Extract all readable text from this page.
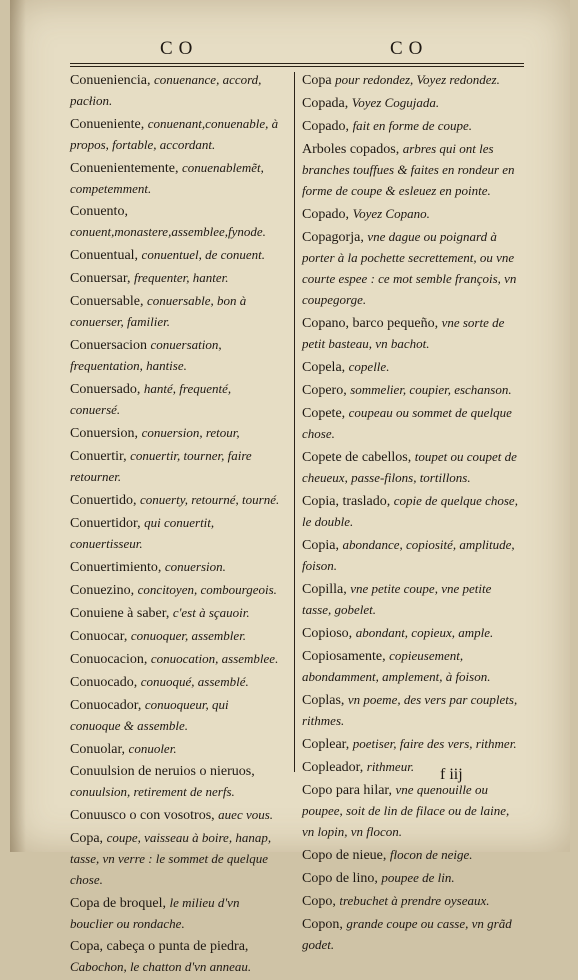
CO	CO
Conueniencia, conuenance, accord, pacłion.
Conueniente, conuenant,conuenable, à propos, fortable, accordant.
Conuenientemente, conuenablemẽt, competemment.
Conuento, conuent,monastere,assemblee,fynode.
Conuentual, conuentuel, de conuent.
Conuersar, frequenter, hanter.
Conuersable, conuersable, bon à conuerser, familier.
Conuersacion conuersation, frequentation, hantise.
Conuersado, hanté, frequenté, conuersé.
Conuersion, conuersion, retour,
Conuertir, conuertir, tourner, faire retourner.
Conuertido, conuerty, retourné, tourné.
Conuertidor, qui conuertit, conuertisseur.
Conuertimiento, conuersion.
Conuezino, concitoyen, combourgeois.
Conuiene à saber, c'est à sçauoir.
Conuocar, conuoquer, assembler.
Conuocacion, conuocation, assemblee.
Conuocado, conuoqué, assemblé.
Conuocador, conuoqueur, qui conuoque & assemble.
Conuolar, conuoler.
Conuulsion de neruios o nieruos, conuulsion, retirement de nerfs.
Conuusco o con vosotros, auec vous.
Copa, coupe, vaisseau à boire, hanap, tasse, vn verre : le sommet de quelque chose.
Copa de broquel, le milieu d'vn bouclier ou rondache.
Copa, cabeça o punta de piedra, Cabochon, le chatton d'vn anneau.
Copa pour redondez, Voyez redondez.
Copada, Voyez Cogujada.
Copado, fait en forme de coupe.
Arboles copados, arbres qui ont les branches touffues & faites en rondeur en forme de coupe & esleuez en pointe.
Copado, Voyez Copano.
Copagorja, vne dague ou poignard à porter à la pochette secrettement, ou vne courte espee : ce mot semble françois, vn coupegorge.
Copano, barco pequeño, vne sorte de petit basteau, vn bachot.
Copela, copelle.
Copero, sommelier, coupier, eschanson.
Copete, coupeau ou sommet de quelque chose.
Copete de cabellos, toupet ou coupet de cheueux, passe-filons, tortillons.
Copia, traslado, copie de quelque chose, le double.
Copia, abondance, copiosité, amplitude, foison.
Copilla, vne petite coupe, vne petite tasse, gobelet.
Copioso, abondant, copieux, ample.
Copiosamente, copieusement, abondamment, amplement, à foison.
Coplas, vn poeme, des vers par couplets, rithmes.
Coplear, poetiser, faire des vers, rithmer.
Copleador, rithmeur.
Copo para hilar, vne quenouille ou poupee, soit de lin de filace ou de laine, vn lopin, vn flocon.
Copo de nieue, flocon de neige.
Copo de lino, poupee de lin.
Copo, trebuchet à prendre oyseaux.
Copon, grande coupe ou casse, vn grãd godet.
f iij
